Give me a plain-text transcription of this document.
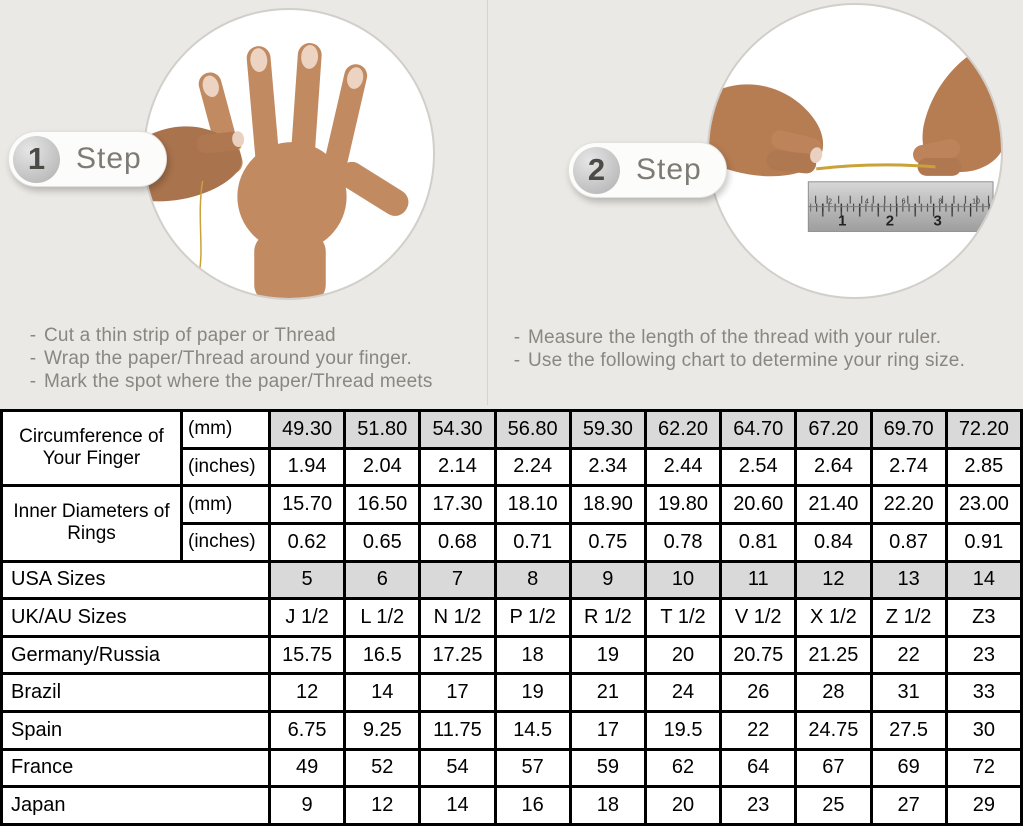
1	Step
- Cut a thin strip of paper or Thread
- Wrap the paper/Thread around your finger.
- Mark the spot where the paper/Thread meets
1	2	3
2	4	6	8	10
2	Step
- Measure the length of the thread with your ruler.
- Use the following chart to determine your ring size.
Circumference of Your Finger	(mm)	49.30	51.80	54.30	56.80	59.30	62.20	64.70	67.20	69.70	72.20
	(inches)	1.94	2.04	2.14	2.24	2.34	2.44	2.54	2.64	2.74	2.85
Inner Diameters of Rings	(mm)	15.70	16.50	17.30	18.10	18.90	19.80	20.60	21.40	22.20	23.00
	(inches)	0.62	0.65	0.68	0.71	0.75	0.78	0.81	0.84	0.87	0.91
USA Sizes		5	6	7	8	9	10	11	12	13	14
UK/AU Sizes		J 1/2	L 1/2	N 1/2	P 1/2	R 1/2	T 1/2	V 1/2	X 1/2	Z 1/2	Z3
Germany/Russia		15.75	16.5	17.25	18	19	20	20.75	21.25	22	23
Brazil		12	14	17	19	21	24	26	28	31	33
Spain		6.75	9.25	11.75	14.5	17	19.5	22	24.75	27.5	30
France		49	52	54	57	59	62	64	67	69	72
Japan		9	12	14	16	18	20	23	25	27	29
